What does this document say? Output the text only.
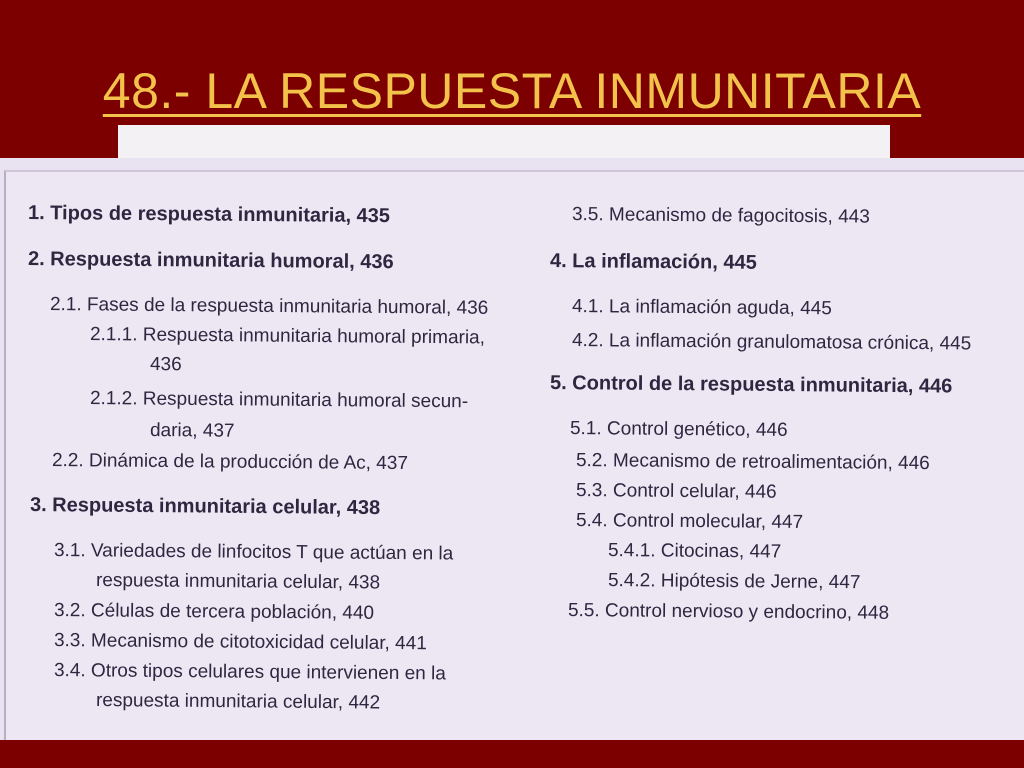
48.- LA RESPUESTA INMUNITARIA
1. Tipos de respuesta inmunitaria, 435
2. Respuesta inmunitaria humoral, 436
2.1. Fases de la respuesta inmunitaria humoral, 436
2.1.1. Respuesta inmunitaria humoral primaria,
436
2.1.2. Respuesta inmunitaria humoral secun-
daria, 437
2.2. Dinámica de la producción de Ac, 437
3. Respuesta inmunitaria celular, 438
3.1. Variedades de linfocitos T que actúan en la
respuesta inmunitaria celular, 438
3.2. Células de tercera población, 440
3.3. Mecanismo de citotoxicidad celular, 441
3.4. Otros tipos celulares que intervienen en la
respuesta inmunitaria celular, 442
3.5. Mecanismo de fagocitosis, 443
4. La inflamación, 445
4.1. La inflamación aguda, 445
4.2. La inflamación granulomatosa crónica, 445
5. Control de la respuesta inmunitaria, 446
5.1. Control genético, 446
5.2. Mecanismo de retroalimentación, 446
5.3. Control celular, 446
5.4. Control molecular, 447
5.4.1. Citocinas, 447
5.4.2. Hipótesis de Jerne, 447
5.5. Control nervioso y endocrino, 448
